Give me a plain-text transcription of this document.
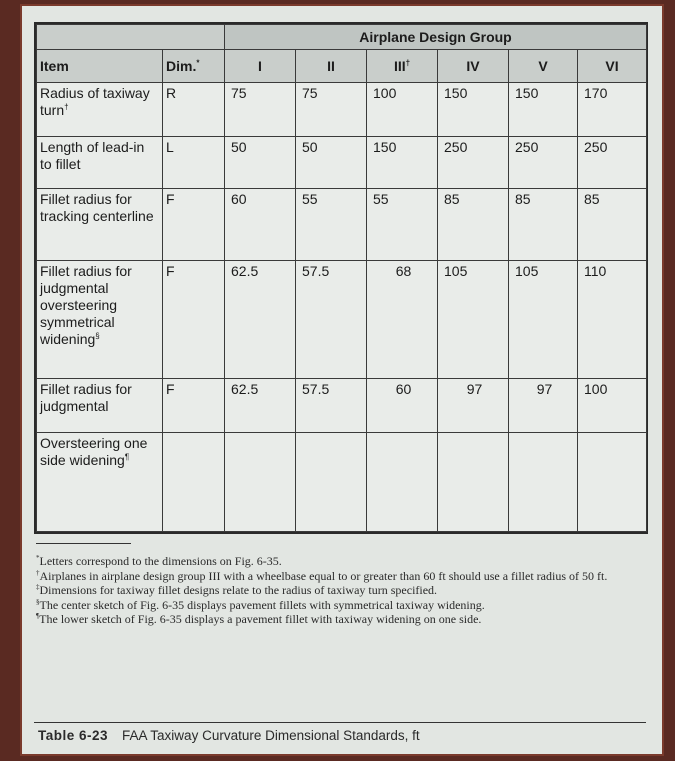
		Airplane Design Group					
Item	Dim.*	I	II	III†	IV	V	VI
Radius of taxiway turn†	R	75	75	100	150	150	170
Length of lead-in to fillet	L	50	50	150	250	250	250
Fillet radius for tracking centerline	F	60	55	55	85	85	85
Fillet radius for judgmental oversteering symmetrical widening§	F	62.5	57.5	68	105	105	110
Fillet radius for judgmental	F	62.5	57.5	60	97	97	100
Oversteering one side widening¶							

*Letters correspond to the dimensions on Fig. 6-35.

†Airplanes in airplane design group III with a wheelbase equal to or greater than 60 ft should use a fillet radius of 50 ft.

‡Dimensions for taxiway fillet designs relate to the radius of taxiway turn specified.

§The center sketch of Fig. 6-35 displays pavement fillets with symmetrical taxiway widening.

¶The lower sketch of Fig. 6-35 displays a pavement fillet with taxiway widening on one side.

Table 6-23 FAA Taxiway Curvature Dimensional Standards, ft
